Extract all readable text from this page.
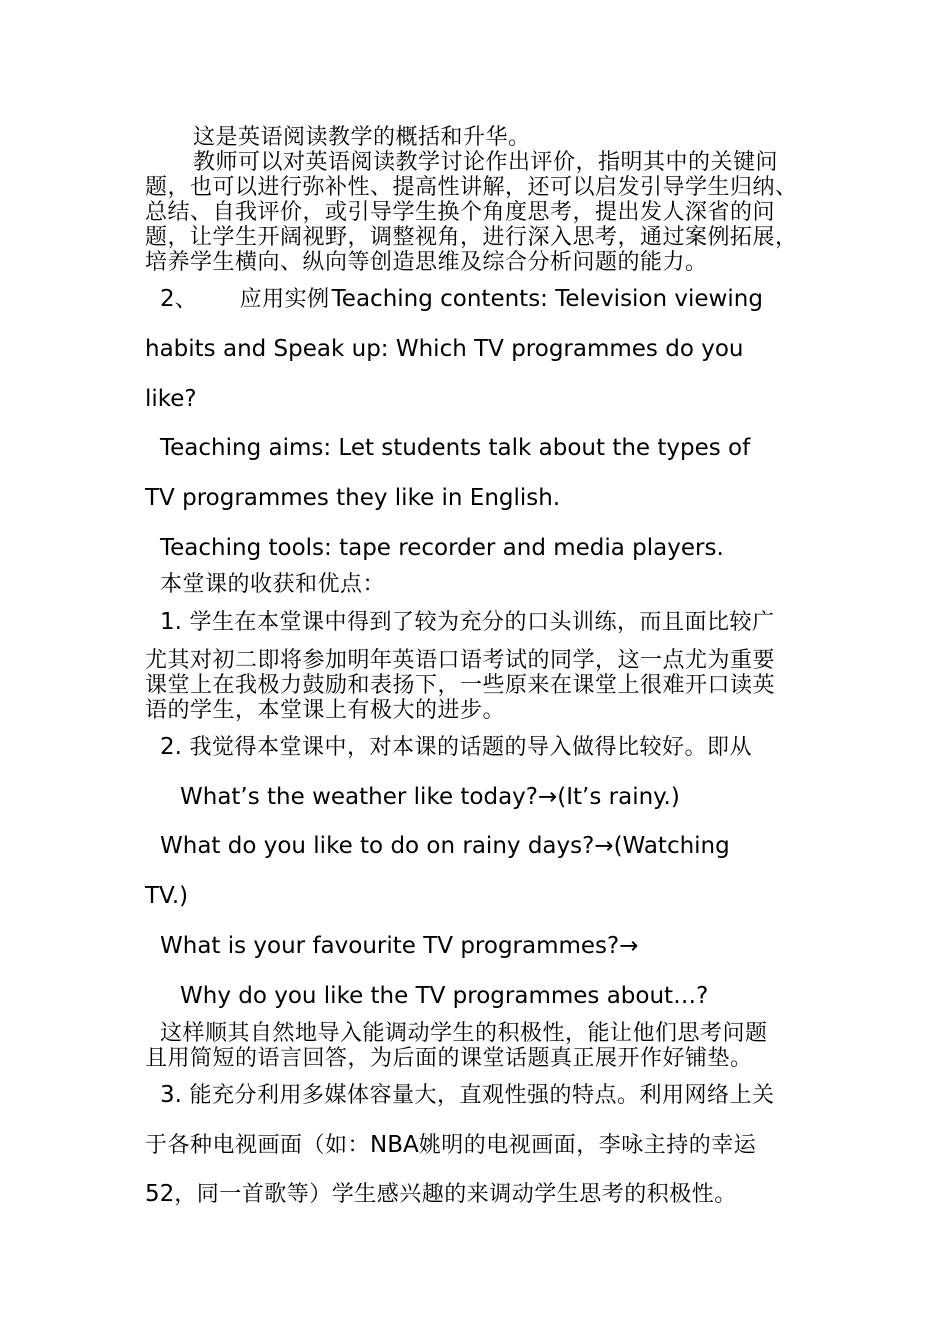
这是英语阅读教学的概括和升华。
教师可以对英语阅读教学讨论作出评价，指明其中的关键问
题，也可以进行弥补性、提高性讲解，还可以启发引导学生归纳、
总结、自我评价，或引导学生换个角度思考，提出发人深省的问
题，让学生开阔视野，调整视角，进行深入思考，通过案例拓展，
培养学生横向、纵向等创造思维及综合分析问题的能力。
2、 应用实例Teaching contents: Television viewing
habits and Speak up: Which TV programmes do you
like?
Teaching aims: Let students talk about the types of
TV programmes they like in English.
Teaching tools: tape recorder and media players.
本堂课的收获和优点：
1. 学生在本堂课中得到了较为充分的口头训练，而且面比较广
尤其对初二即将参加明年英语口语考试的同学，这一点尤为重要
课堂上在我极力鼓励和表扬下，一些原来在课堂上很难开口读英
语的学生，本堂课上有极大的进步。
2. 我觉得本堂课中，对本课的话题的导入做得比较好。即从
What’s the weather like today?→(It’s rainy.)
What do you like to do on rainy days?→(Watching
TV.)
What is your favourite TV programmes?→
Why do you like the TV programmes about…?
这样顺其自然地导入能调动学生的积极性，能让他们思考问题
且用简短的语言回答，为后面的课堂话题真正展开作好铺垫。
3. 能充分利用多媒体容量大，直观性强的特点。利用网络上关
于各种电视画面（如：NBA姚明的电视画面，李咏主持的幸运
52，同一首歌等）学生感兴趣的来调动学生思考的积极性。
